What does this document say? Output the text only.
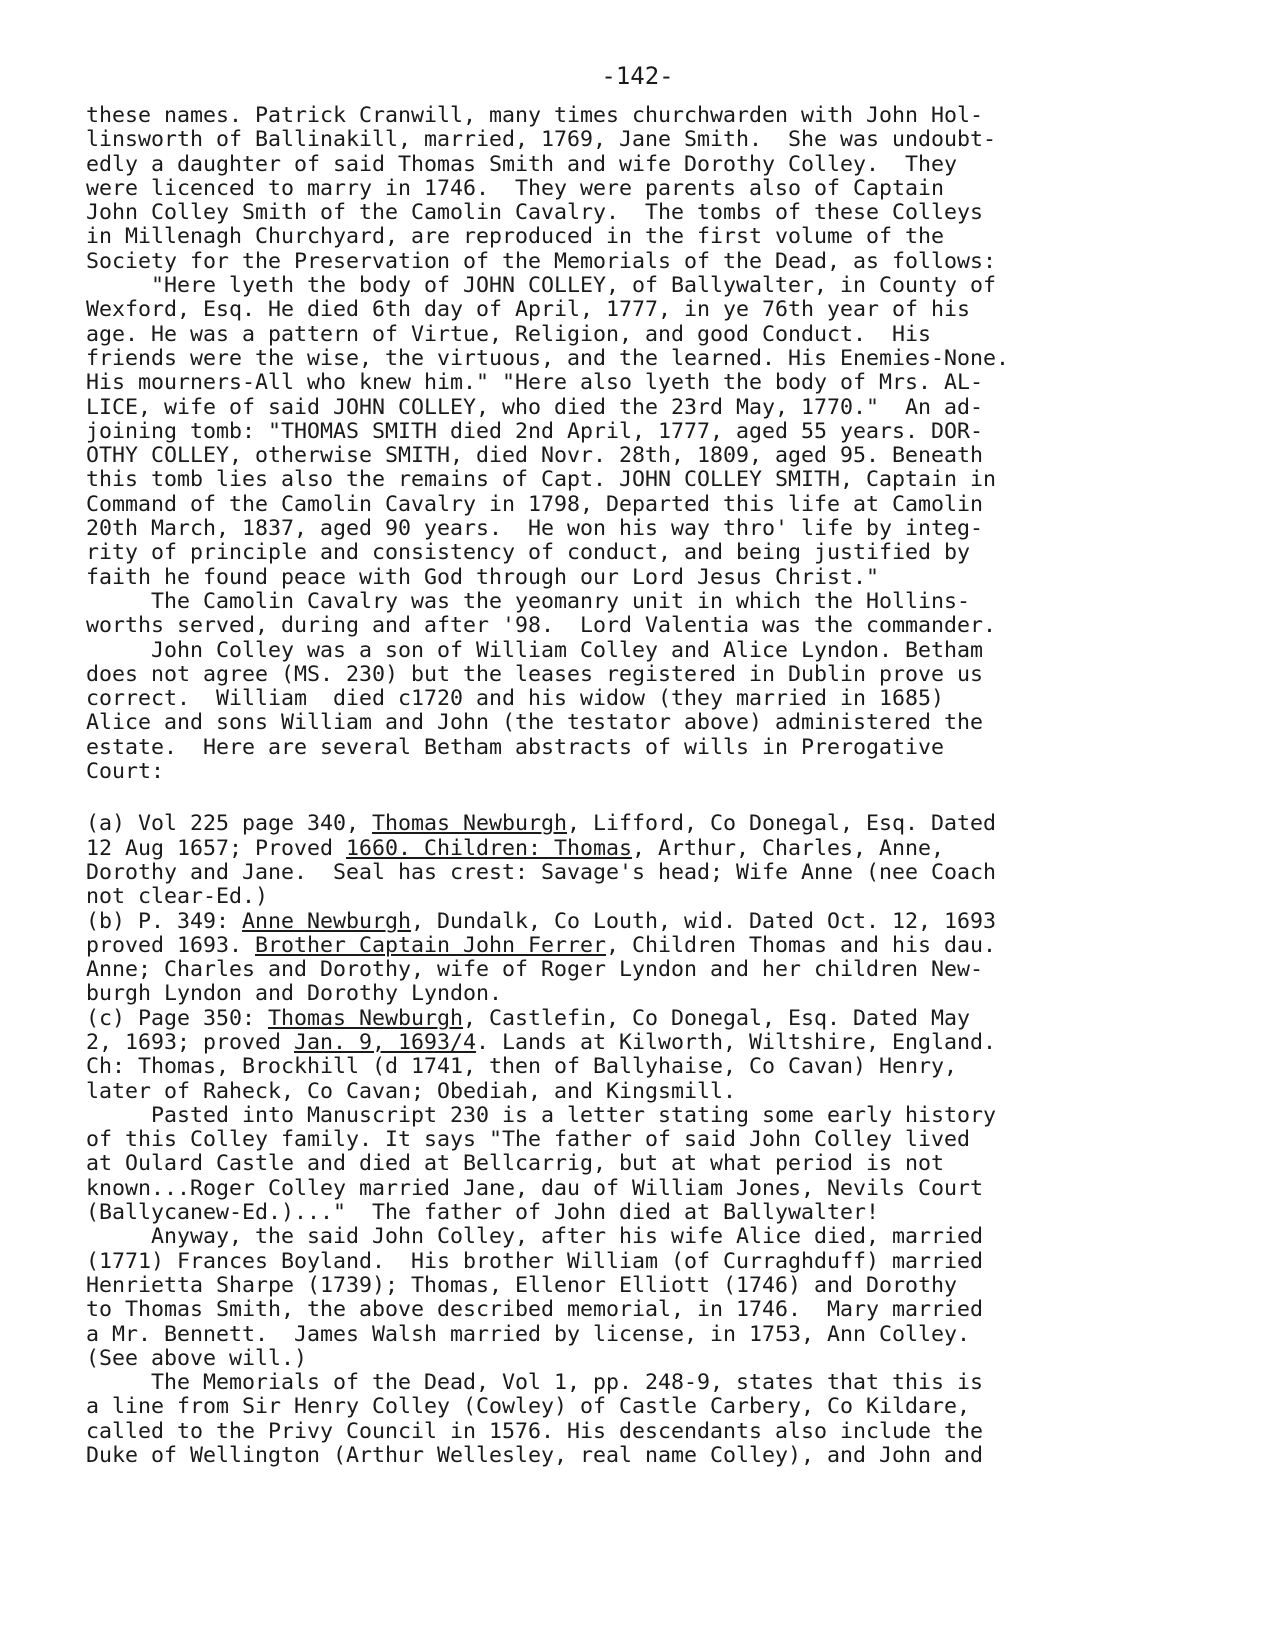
-142-
these names. Patrick Cranwill, many times churchwarden with John Hol-
linsworth of Ballinakill, married, 1769, Jane Smith.  She was undoubt-
edly a daughter of said Thomas Smith and wife Dorothy Colley.  They
were licenced to marry in 1746.  They were parents also of Captain
John Colley Smith of the Camolin Cavalry.  The tombs of these Colleys
in Millenagh Churchyard, are reproduced in the first volume of the
Society for the Preservation of the Memorials of the Dead, as follows:
"Here lyeth the body of JOHN COLLEY, of Ballywalter, in County of
Wexford, Esq. He died 6th day of April, 1777, in ye 76th year of his
age. He was a pattern of Virtue, Religion, and good Conduct.  His
friends were the wise, the virtuous, and the learned. His Enemies-None.
His mourners-All who knew him." "Here also lyeth the body of Mrs. AL-
LICE, wife of said JOHN COLLEY, who died the 23rd May, 1770."  An ad-
joining tomb: "THOMAS SMITH died 2nd April, 1777, aged 55 years. DOR-
OTHY COLLEY, otherwise SMITH, died Novr. 28th, 1809, aged 95. Beneath
this tomb lies also the remains of Capt. JOHN COLLEY SMITH, Captain in
Command of the Camolin Cavalry in 1798, Departed this life at Camolin
20th March, 1837, aged 90 years.  He won his way thro' life by integ-
rity of principle and consistency of conduct, and being justified by
faith he found peace with God through our Lord Jesus Christ."
The Camolin Cavalry was the yeomanry unit in which the Hollins-
worths served, during and after '98.  Lord Valentia was the commander.
John Colley was a son of William Colley and Alice Lyndon. Betham
does not agree (MS. 230) but the leases registered in Dublin prove us
correct.  William  died c1720 and his widow (they married in 1685)
Alice and sons William and John (the testator above) administered the
estate.  Here are several Betham abstracts of wills in Prerogative
Court:
(a) Vol 225 page 340, Thomas Newburgh, Lifford, Co Donegal, Esq. Dated
12 Aug 1657; Proved 1660. Children: Thomas, Arthur, Charles, Anne,
Dorothy and Jane.  Seal has crest: Savage's head; Wife Anne (nee Coach
not clear-Ed.)
(b) P. 349: Anne Newburgh, Dundalk, Co Louth, wid. Dated Oct. 12, 1693
proved 1693. Brother Captain John Ferrer, Children Thomas and his dau.
Anne; Charles and Dorothy, wife of Roger Lyndon and her children New-
burgh Lyndon and Dorothy Lyndon.
(c) Page 350: Thomas Newburgh, Castlefin, Co Donegal, Esq. Dated May
2, 1693; proved Jan. 9, 1693/4. Lands at Kilworth, Wiltshire, England.
Ch: Thomas, Brockhill (d 1741, then of Ballyhaise, Co Cavan) Henry,
later of Raheck, Co Cavan; Obediah, and Kingsmill.
Pasted into Manuscript 230 is a letter stating some early history
of this Colley family. It says "The father of said John Colley lived
at Oulard Castle and died at Bellcarrig, but at what period is not
known...Roger Colley married Jane, dau of William Jones, Nevils Court
(Ballycanew-Ed.)..."  The father of John died at Ballywalter!
Anyway, the said John Colley, after his wife Alice died, married
(1771) Frances Boyland.  His brother William (of Curraghduff) married
Henrietta Sharpe (1739); Thomas, Ellenor Elliott (1746) and Dorothy
to Thomas Smith, the above described memorial, in 1746.  Mary married
a Mr. Bennett.  James Walsh married by license, in 1753, Ann Colley.
(See above will.)
The Memorials of the Dead, Vol 1, pp. 248-9, states that this is
a line from Sir Henry Colley (Cowley) of Castle Carbery, Co Kildare,
called to the Privy Council in 1576. His descendants also include the
Duke of Wellington (Arthur Wellesley, real name Colley), and John and
